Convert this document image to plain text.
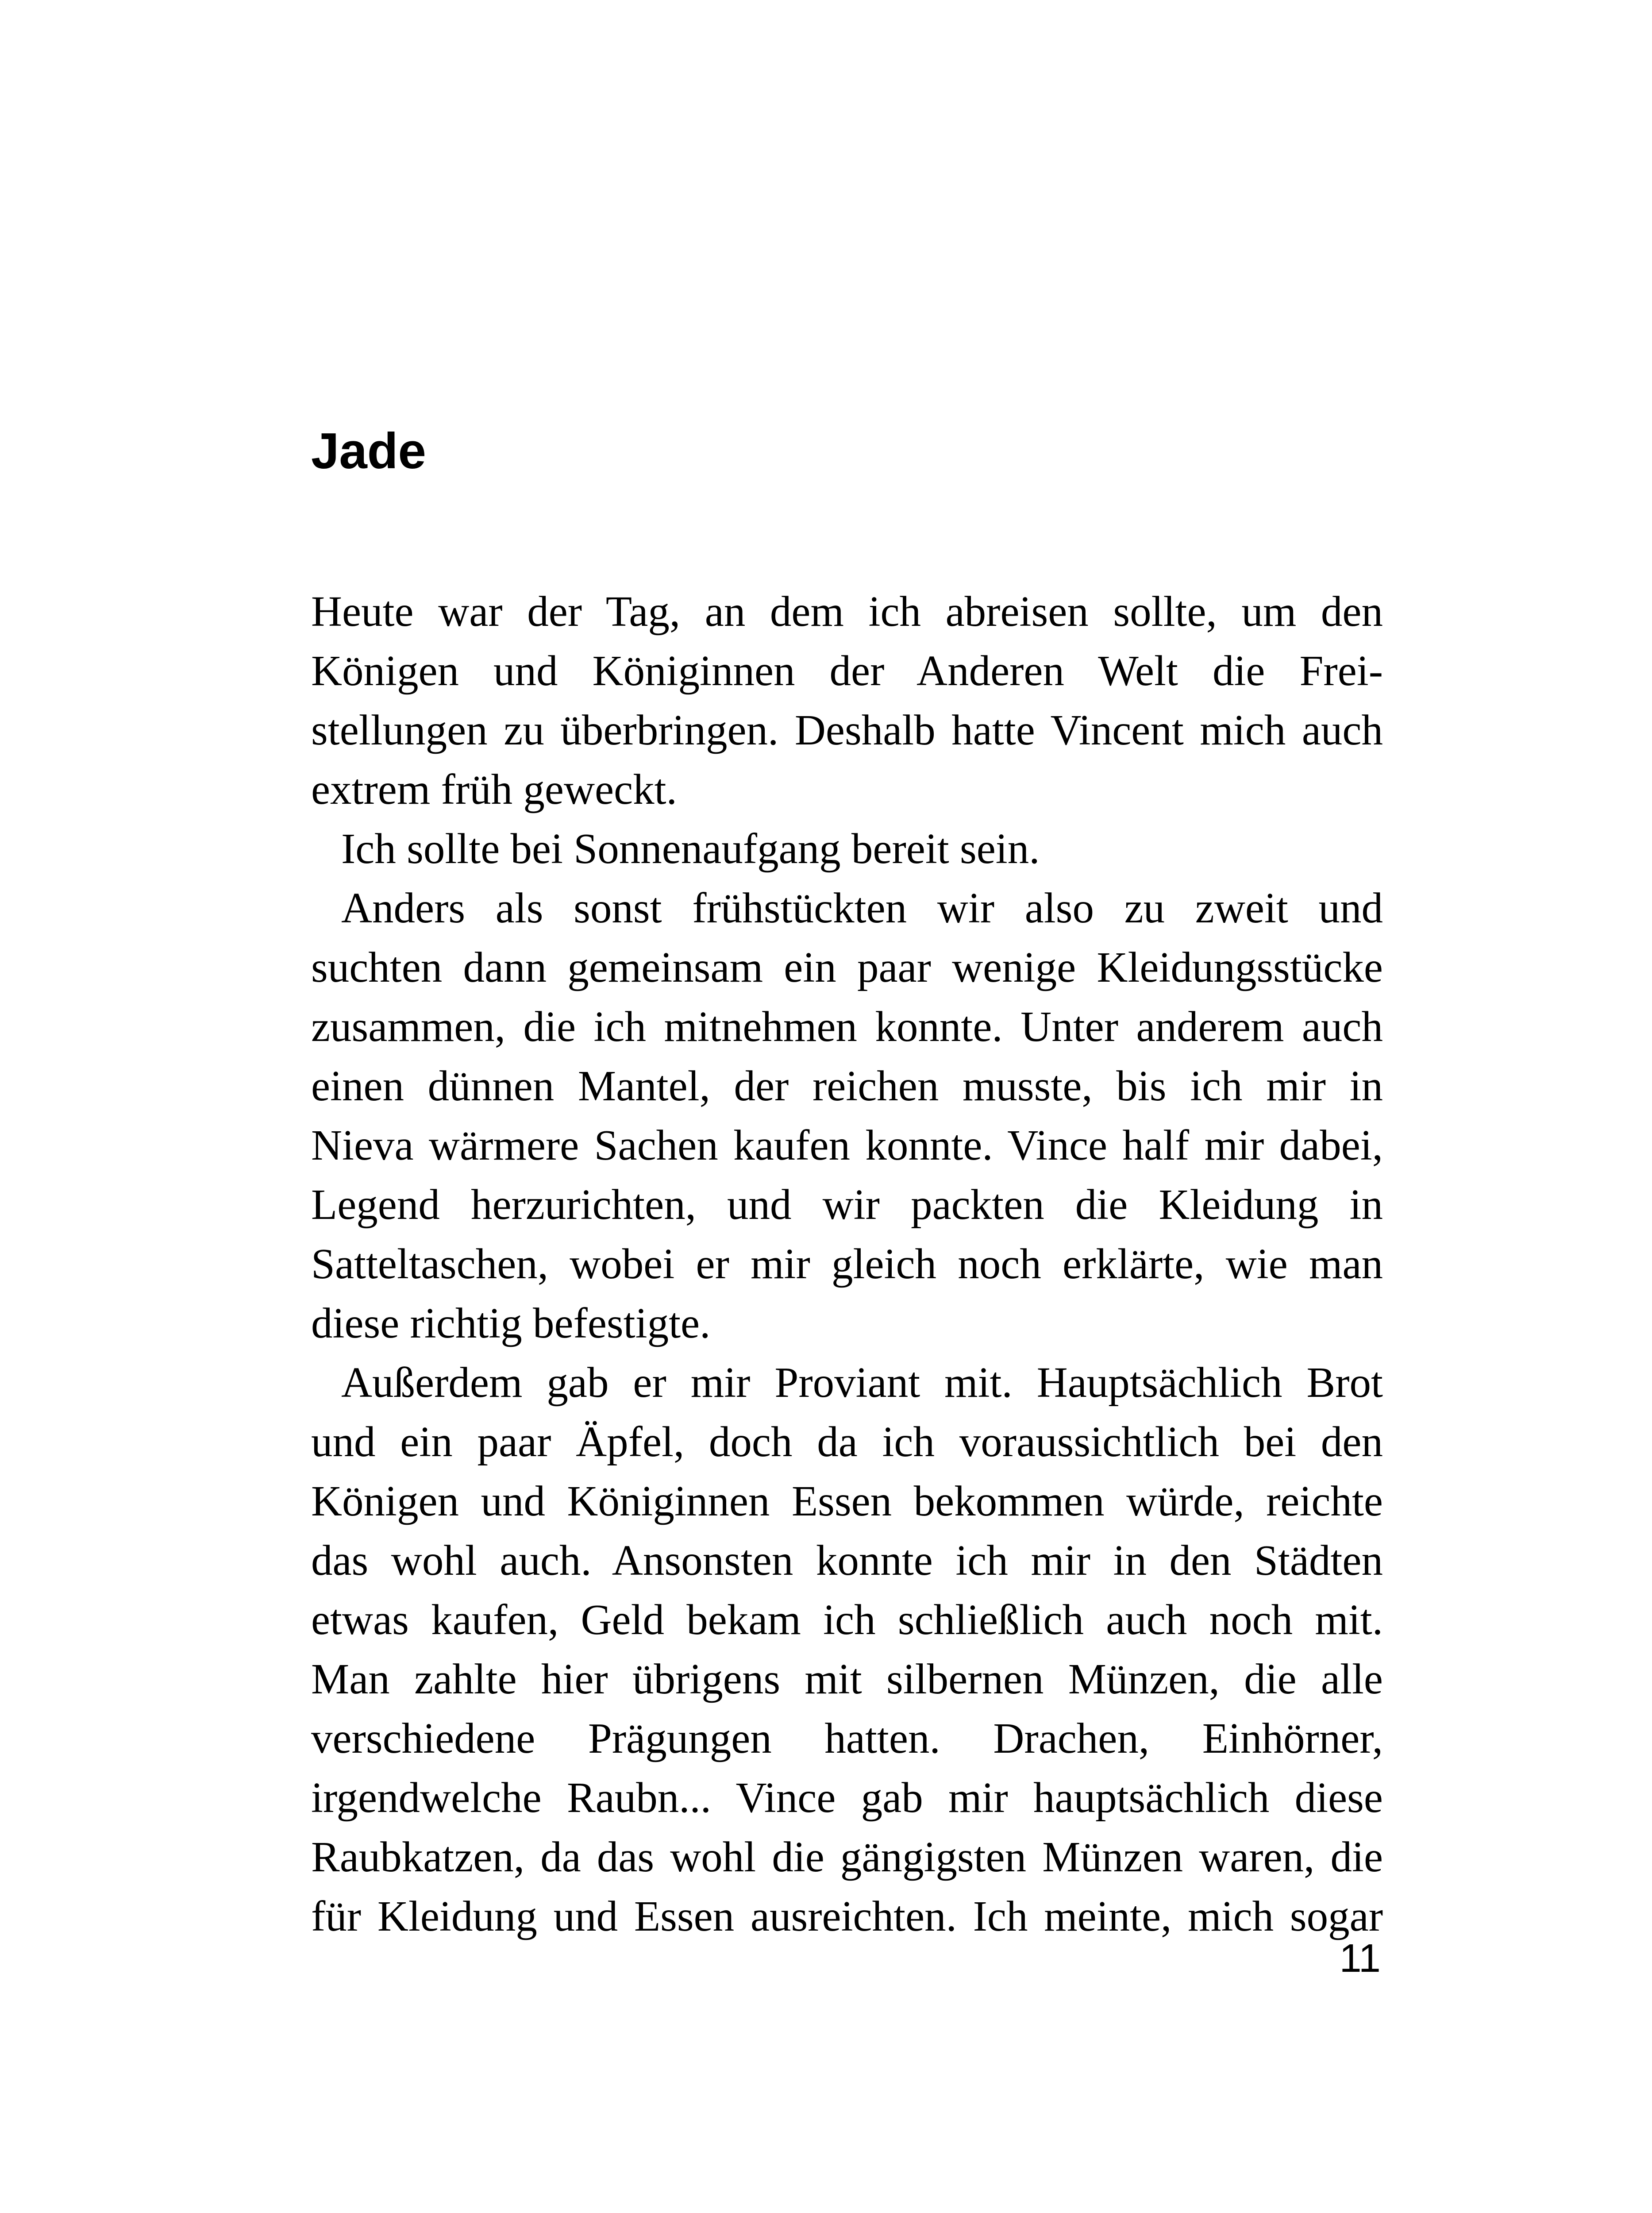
Jade
Heute war der Tag, an dem ich abreisen sollte, um den
Königen und Königinnen der Anderen Welt die Frei-
stellungen zu überbringen. Deshalb hatte Vincent mich auch
extrem früh geweckt.
Ich sollte bei Sonnenaufgang bereit sein.
Anders als sonst frühstückten wir also zu zweit und
suchten dann gemeinsam ein paar wenige Kleidungsstücke
zusammen, die ich mitnehmen konnte. Unter anderem auch
einen dünnen Mantel, der reichen musste, bis ich mir in
Nieva wärmere Sachen kaufen konnte. Vince half mir dabei,
Legend herzurichten, und wir packten die Kleidung in
Satteltaschen, wobei er mir gleich noch erklärte, wie man
diese richtig befestigte.
Außerdem gab er mir Proviant mit. Hauptsächlich Brot
und ein paar Äpfel, doch da ich voraussichtlich bei den
Königen und Königinnen Essen bekommen würde, reichte
das wohl auch. Ansonsten konnte ich mir in den Städten
etwas kaufen, Geld bekam ich schließlich auch noch mit.
Man zahlte hier übrigens mit silbernen Münzen, die alle
verschiedene Prägungen hatten. Drachen, Einhörner,
irgendwelche Raubn... Vince gab mir hauptsächlich diese
Raubkatzen, da das wohl die gängigsten Münzen waren, die
für Kleidung und Essen ausreichten. Ich meinte, mich sogar
11
